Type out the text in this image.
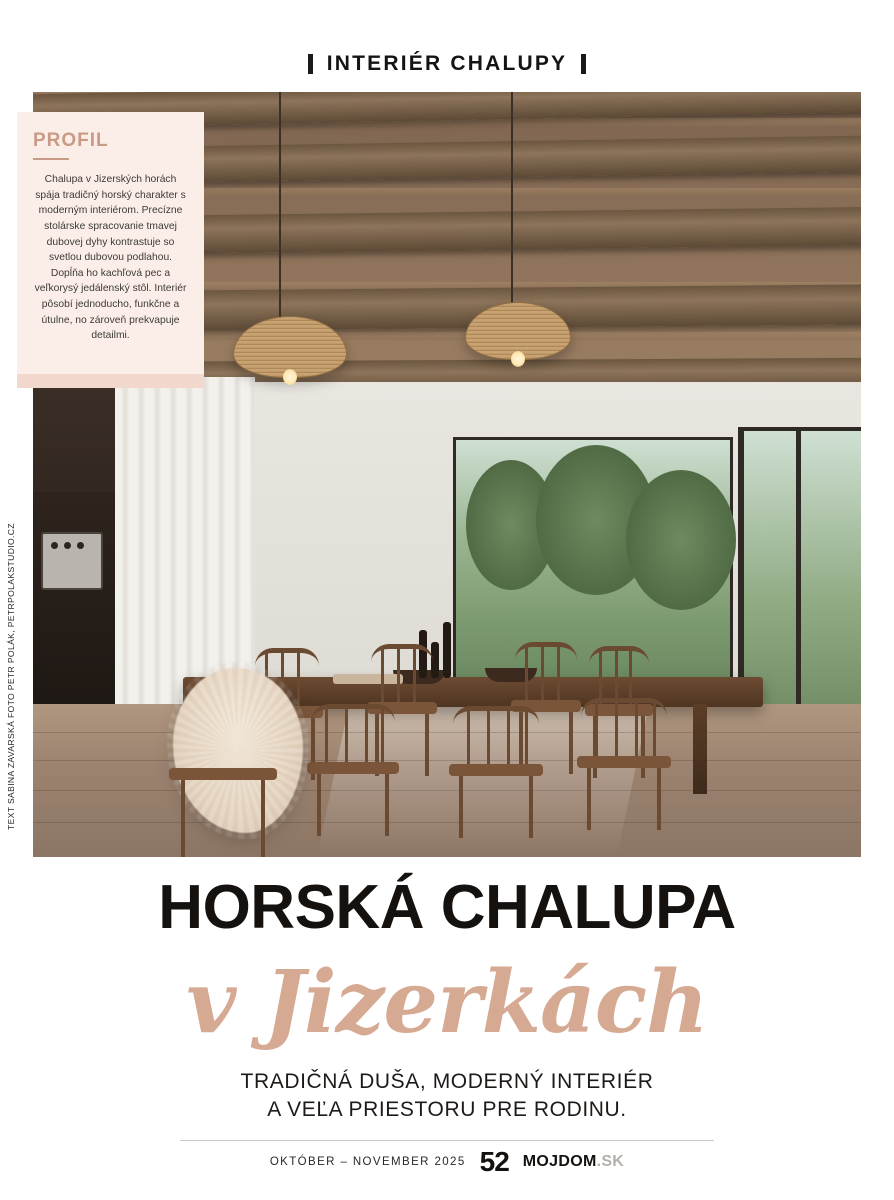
INTERIÉR CHALUPY
PROFIL

Chalupa v Jizerských horách spája tradičný horský charakter s moderným interiérom. Precízne stolárske spracovanie tmavej dubovej dyhy kontrastuje so svetlou dubovou podlahou. Dopĺňa ho kachľová pec a veľkorysý jedálenský stôl. Interiér pôsobí jednoducho, funkčne a útulne, no zároveň prekvapuje detailmi.

TEXT SABINA ZAVARSKÁ FOTO PETR POLÁK, PETRPOLAKSTUDIO.CZ
HORSKÁ CHALUPA
v Jizerkách
TRADIČNÁ DUŠA, MODERNÝ INTERIÉR
A VEĽA PRIESTORU PRE RODINU.
OKTÓBER – NOVEMBER 2025 52 MOJDOM.SK
